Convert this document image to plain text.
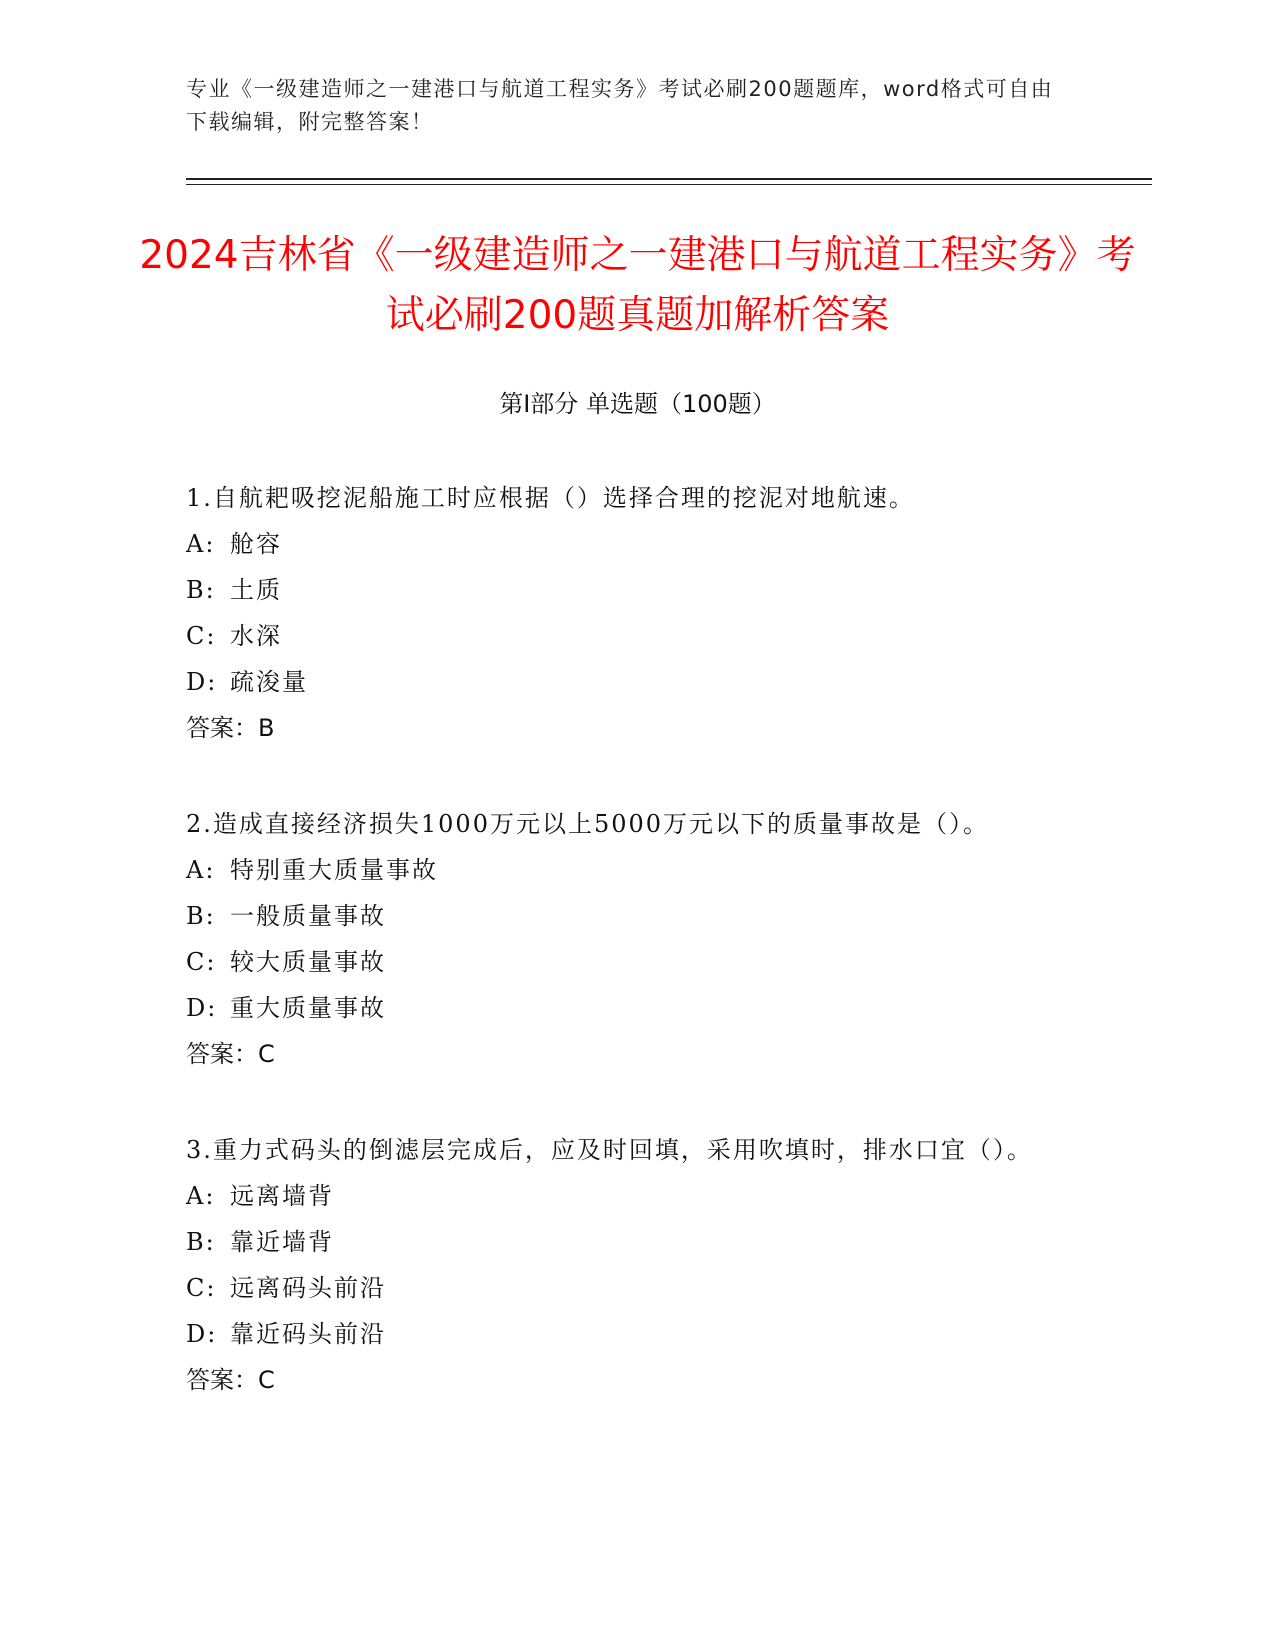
专业《一级建造师之一建港口与航道工程实务》考试必刷200题题库，word格式可自由下载编辑，附完整答案！
2024吉林省《一级建造师之一建港口与航道工程实务》考试必刷200题真题加解析答案
第Ⅰ部分 单选题（100题）

1.自航耙吸挖泥船施工时应根据（）选择合理的挖泥对地航速。

A: 舱容
B: 土质
C: 水深
D: 疏浚量

答案：B

2.造成直接经济损失1000万元以上5000万元以下的质量事故是（）。

A: 特别重大质量事故
B: 一般质量事故
C: 较大质量事故
D: 重大质量事故

答案：C

3.重力式码头的倒滤层完成后，应及时回填，采用吹填时，排水口宜（）。

A: 远离墙背
B: 靠近墙背
C: 远离码头前沿
D: 靠近码头前沿

答案：C
